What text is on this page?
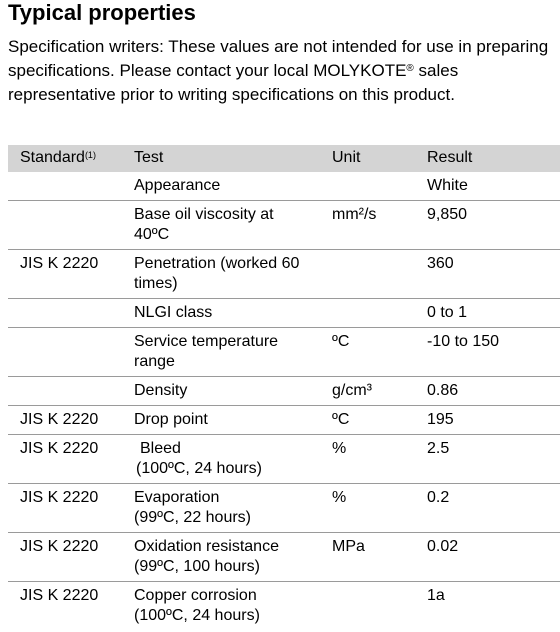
Typical properties

Specification writers: These values are not intended for use in preparing specifications. Please contact your local MOLYKOTE® sales representative prior to writing specifications on this product.

Standard$^{(1)}$	Test	Unit	Result

	Appearance		White

	Base oil viscosity at
40ºC	mm²/s	9,850
JIS K 2220	Penetration (worked 60
times)		360

	NLGI class		0 to 1

	Service temperature
range	ºC	-10 to 150

	Density	g/cm³	0.86
JIS K 2220	Drop point	ºC	195
JIS K 2220	Bleed
(100ºC, 24 hours)	%	2.5
JIS K 2220	Evaporation
(99ºC, 22 hours)	%	0.2
JIS K 2220	Oxidation resistance
(99ºC, 100 hours)	MPa	0.02
JIS K 2220	Copper corrosion
(100ºC, 24 hours)		1a
